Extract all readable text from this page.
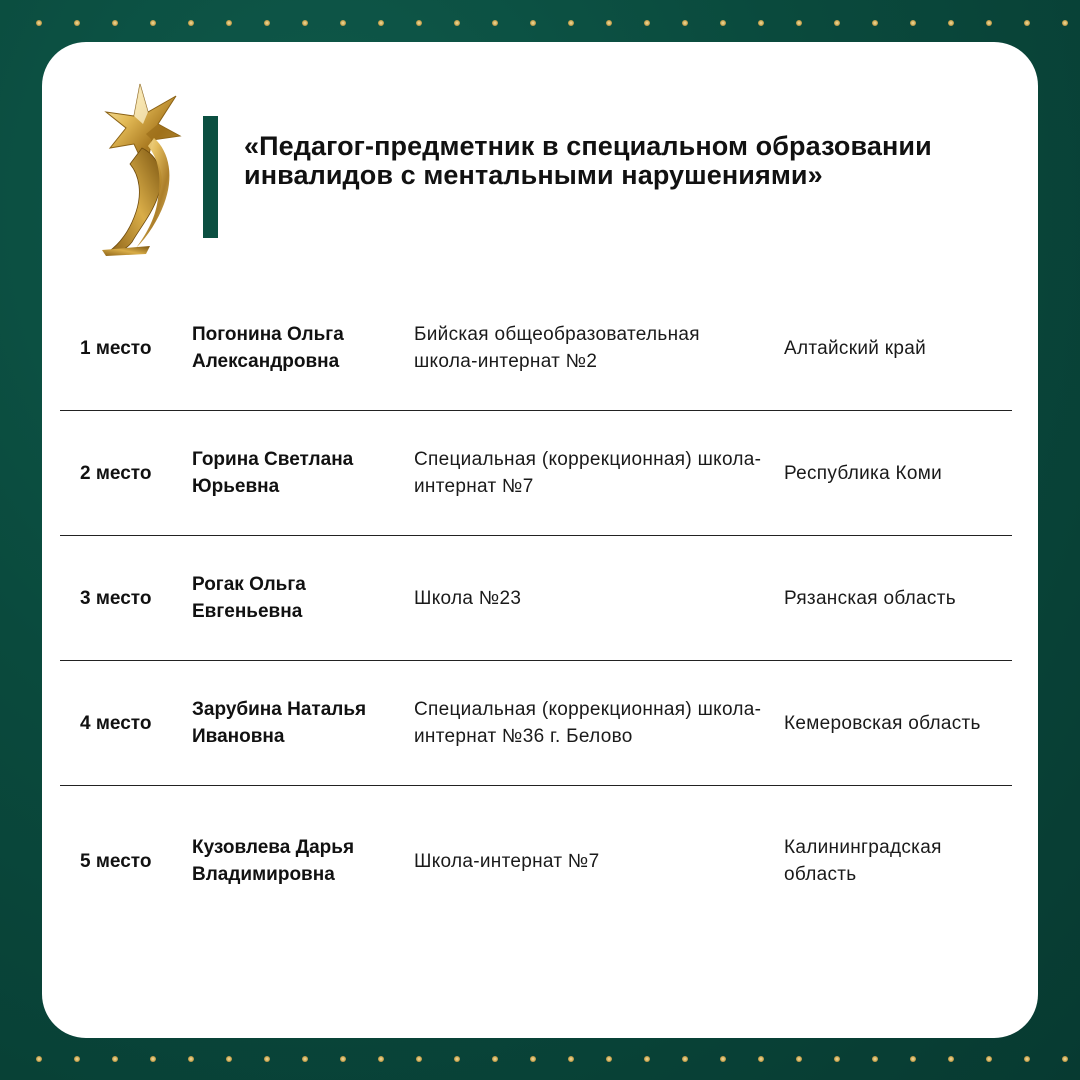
«Педагог-предметник в специальном образовании инвалидов с ментальными нарушениями»
1 место
Погонина Ольга Александровна
Бийская общеобразовательная школа-интернат №2
Алтайский край
2 место
Горина Светлана Юрьевна
Специальная (коррекционная) школа-интернат №7
Республика Коми
3 место
Рогак Ольга Евгеньевна
Школа №23	Рязанская область
4 место
Зарубина Наталья Ивановна
Специальная (коррекционная) школа-интернат №36 г. Белово
Кемеровская область
5 место
Кузовлева Дарья Владимировна
Школа-интернат №7
Калининградская область
